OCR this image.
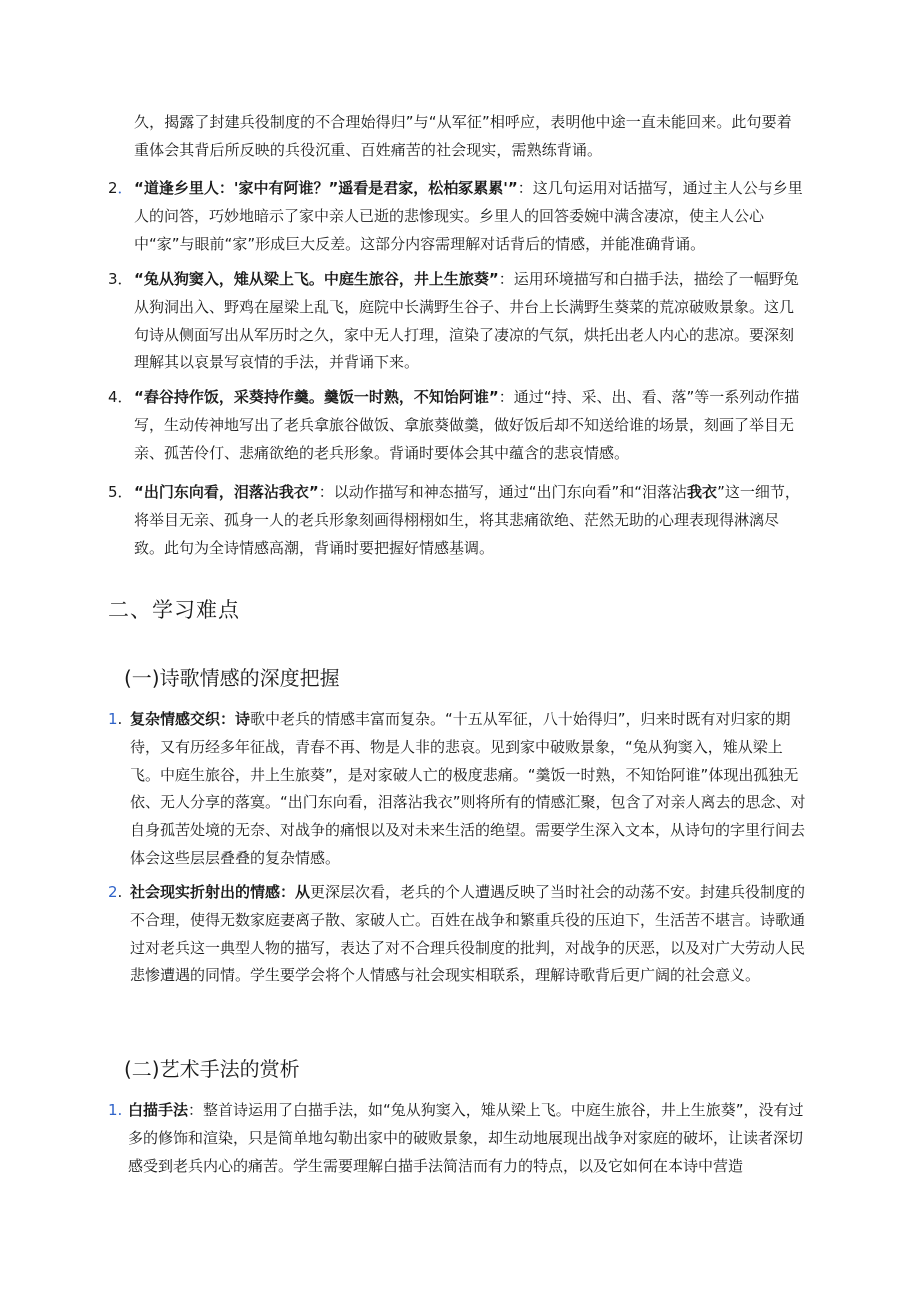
久，揭露了封建兵役制度的不合理始得归”与“从军征”相呼应，表明他中途一直未能回来。此句要着重体会其背后所反映的兵役沉重、百姓痛苦的社会现实，需熟练背诵。
2． “道逢乡里人：'家中有阿谁？”遥看是君家，松柏冢累累'”：这几句运用对话描写，通过主人公与乡里人的问答，巧妙地暗示了家中亲人已逝的悲惨现实。乡里人的回答委婉中满含凄凉，使主人公心中“家”与眼前“家”形成巨大反差。这部分内容需理解对话背后的情感，并能准确背诵。
3． “兔从狗窦入，雉从梁上飞。中庭生旅谷，井上生旅葵”：运用环境描写和白描手法，描绘了一幅野兔从狗洞出入、野鸡在屋梁上乱飞，庭院中长满野生谷子、井台上长满野生葵菜的荒凉破败景象。这几句诗从侧面写出从军历时之久，家中无人打理，渲染了凄凉的气氛，烘托出老人内心的悲凉。要深刻理解其以哀景写哀情的手法，并背诵下来。
4． “舂谷持作饭，采葵持作羹。羹饭一时熟，不知饴阿谁”：通过“持、采、出、看、落”等一系列动作描写，生动传神地写出了老兵拿旅谷做饭、拿旅葵做羹，做好饭后却不知送给谁的场景，刻画了举目无亲、孤苦伶仃、悲痛欲绝的老兵形象。背诵时要体会其中蕴含的悲哀情感。
5． “出门东向看，泪落沾我衣”：以动作描写和神态描写，通过“出门东向看”和“泪落沾我衣”这一细节，将举目无亲、孤身一人的老兵形象刻画得栩栩如生，将其悲痛欲绝、茫然无助的心理表现得淋漓尽致。此句为全诗情感高潮，背诵时要把握好情感基调。
二、学习难点
(一)诗歌情感的深度把握
1. 复杂情感交织：诗歌中老兵的情感丰富而复杂。“十五从军征，八十始得归”，归来时既有对归家的期待，又有历经多年征战，青春不再、物是人非的悲哀。见到家中破败景象，“兔从狗窦入，雉从梁上飞。中庭生旅谷，井上生旅葵”，是对家破人亡的极度悲痛。“羹饭一时熟，不知饴阿谁”体现出孤独无依、无人分享的落寞。“出门东向看，泪落沾我衣”则将所有的情感汇聚，包含了对亲人离去的思念、对自身孤苦处境的无奈、对战争的痛恨以及对未来生活的绝望。需要学生深入文本，从诗句的字里行间去体会这些层层叠叠的复杂情感。
2. 社会现实折射出的情感：从更深层次看，老兵的个人遭遇反映了当时社会的动荡不安。封建兵役制度的不合理，使得无数家庭妻离子散、家破人亡。百姓在战争和繁重兵役的压迫下，生活苦不堪言。诗歌通过对老兵这一典型人物的描写，表达了对不合理兵役制度的批判，对战争的厌恶，以及对广大劳动人民悲惨遭遇的同情。学生要学会将个人情感与社会现实相联系，理解诗歌背后更广阔的社会意义。
(二)艺术手法的赏析
1. 白描手法：整首诗运用了白描手法，如“兔从狗窦入，雉从梁上飞。中庭生旅谷，井上生旅葵”，没有过多的修饰和渲染，只是简单地勾勒出家中的破败景象，却生动地展现出战争对家庭的破坏，让读者深切感受到老兵内心的痛苦。学生需要理解白描手法简洁而有力的特点，以及它如何在本诗中营造
